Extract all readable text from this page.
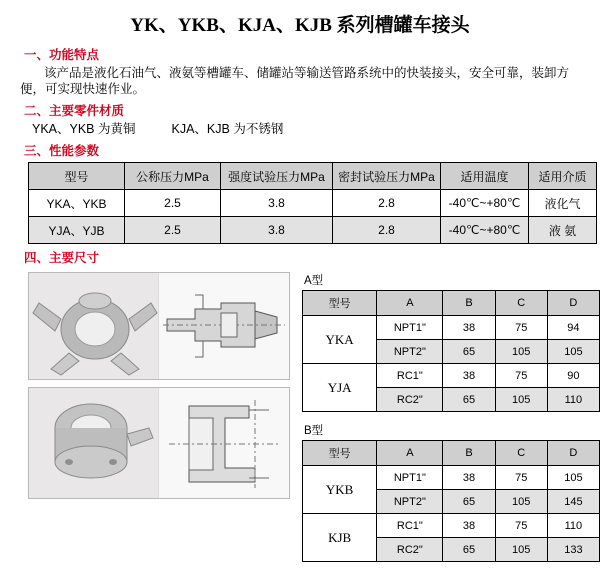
YK、YKB、KJA、KJB 系列槽罐车接头
一、功能特点

该产品是液化石油气、液氨等槽罐车、储罐站等输送管路系统中的快装接头，安全可靠，装卸方便，可实现快速作业。

二、主要零件材质
YKA、YKB 为黄铜	KJA、KJB 为不锈钢
三、性能参数
型号	公称压力MPa	强度试验压力MPa	密封试验压力MPa	适用温度	适用介质
YKA、YKB	2.5	3.8	2.8	-40℃~+80℃	液化气
YJA、YJB	2.5	3.8	2.8	-40℃~+80℃	液 氨
四、主要尺寸
A型
型号	A	B	C	D
YKA	NPT1"	38	75	94
	NPT2"	65	105	105
YJA	RC1"	38	75	90
	RC2"	65	105	110
B型
型号	A	B	C	D
YKB	NPT1"	38	75	105
	NPT2"	65	105	145
KJB	RC1"	38	75	110
	RC2"	65	105	133
